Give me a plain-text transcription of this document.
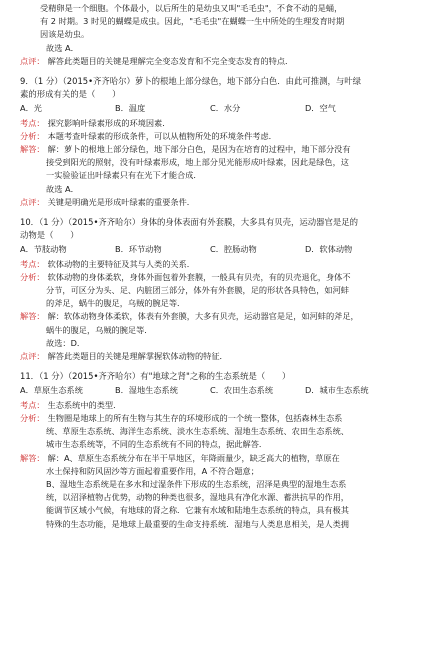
受精卵是一个细胞。个体最小，以后所生的是幼虫又叫"毛毛虫"，不食不动的是蛹，
有 2 时期。3 时见的蝴蝶是成虫。因此，"毛毛虫"在蝴蝶一生中所处的生理发育时期
因该是幼虫。
故选 A．
点评： 解答此类题目的关键是理解完全变态发育和不完全变态发育的特点．
9．（1 分）（2015•齐齐哈尔）萝卜的根地上部分绿色，地下部分白色．由此可推测，与叶绿
素的形成有关的是（　　）
A．光	B．温度	C．水分	D．空气
考点： 探究影响叶绿素形成的环境因素．
分析： 本题考查叶绿素的形成条件，可以从植物所处的环境条件考虑．
解答： 解：萝卜的根地上部分绿色，地下部分白色，是因为在培育的过程中，地下部分没有
接受到阳光的照射，没有叶绿素形成，地上部分见光能形成叶绿素，因此是绿色，这
一实验验证出叶绿素只有在光下才能合成．
故选 A．
点评： 关键是明确光是形成叶绿素的重要条件．
10．（1 分）（2015•齐齐哈尔）身体的身体表面有外套膜，大多具有贝壳，运动器官是足的
动物是（　　）
A．节肢动物	B．环节动物	C．腔肠动物	D．软体动物
考点： 软体动物的主要特征及其与人类的关系．
分析： 软体动物的身体柔软，身体外面包着外套膜，一般具有贝壳，有的贝壳退化，身体不
分节，可区分为头、足、内脏团三部分，体外有外套膜，足的形状各具特色，如河蚌
的斧足，蜗牛的腹足，乌贼的腕足等．
解答： 解：软体动物身体柔软，体表有外套膜，大多有贝壳，运动器官是足，如河蚌的斧足，
蜗牛的腹足，乌贼的腕足等．
故选：D．
点评： 解答此类题目的关键是理解掌握软体动物的特征．
11．（1 分）（2015•齐齐哈尔）有"地球之肾"之称的生态系统是（　　）
A．草原生态系统	B．湿地生态系统	C．农田生态系统	D．城市生态系统
考点： 生态系统中的类型．
分析： 生物圈是地球上的所有生物与其生存的环境形成的一个统一整体，包括森林生态系
统、草原生态系统、海洋生态系统、淡水生态系统、湿地生态系统、农田生态系统、
城市生态系统等，不同的生态系统有不同的特点，据此解答．
解答： 解：A、草原生态系统分布在半干旱地区，年降雨量少，缺乏高大的植物，草原在
水土保持和防风固沙等方面起着重要作用，A 不符合题意；
B、湿地生态系统是在多水和过湿条件下形成的生态系统，沼泽是典型的湿地生态系
统，以沼泽植物占优势，动物的种类也很多，湿地具有净化水源、蓄洪抗旱的作用，
能调节区域小气候，有地球的肾之称．它兼有水域和陆地生态系统的特点，具有极其
特殊的生态功能，是地球上最重要的生命支持系统．湿地与人类息息相关，是人类拥
